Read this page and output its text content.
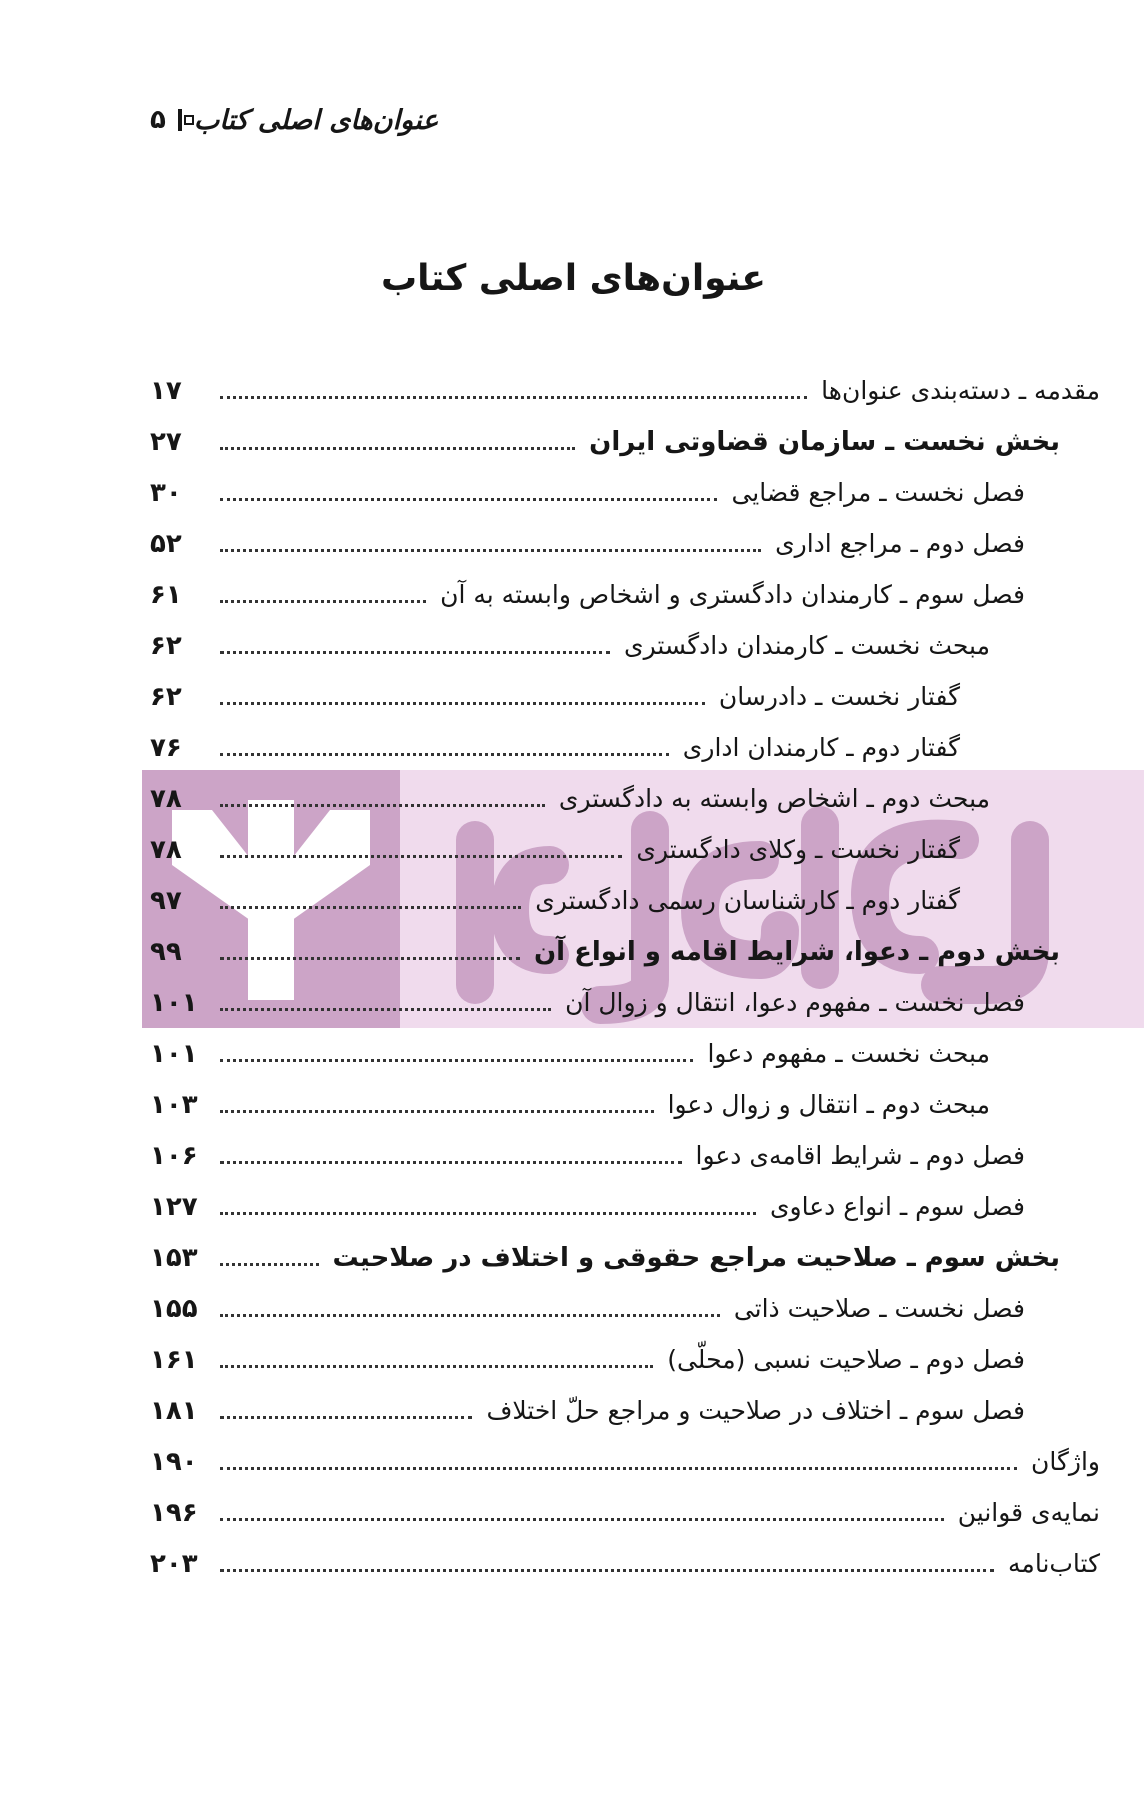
عنوان‌های اصلی کتاب
۵
عنوان‌های اصلی کتاب
مقدمه ـ دسته‌بندی عنوان‌ها
۱۷
بخش نخست ـ سازمان قضاوتی ایران
۲۷
فصل نخست ـ مراجع قضایی
۳۰
فصل دوم ـ مراجع اداری
۵۲
فصل سوم ـ کارمندان دادگستری و اشخاص وابسته به آن
۶۱
مبحث نخست ـ کارمندان دادگستری
۶۲
گفتار نخست ـ دادرسان
۶۲
گفتار دوم ـ کارمندان اداری
۷۶
مبحث دوم ـ اشخاص وابسته به دادگستری
۷۸
گفتار نخست ـ وکلای دادگستری
۷۸
گفتار دوم ـ کارشناسان رسمی دادگستری
۹۷
بخش دوم ـ دعوا، شرایط اقامه و انواع آن
۹۹
فصل نخست ـ مفهوم دعوا، انتقال و زوال آن
۱۰۱
مبحث نخست ـ مفهوم دعوا
۱۰۱
مبحث دوم ـ انتقال و زوال دعوا
۱۰۳
فصل دوم ـ شرایط اقامه‌ی دعوا
۱۰۶
فصل سوم ـ انواع دعاوی
۱۲۷
بخش سوم ـ صلاحیت مراجع حقوقی و اختلاف در صلاحیت
۱۵۳
فصل نخست ـ صلاحیت ذاتی
۱۵۵
فصل دوم ـ صلاحیت نسبی (محلّی)
۱۶۱
فصل سوم ـ اختلاف در صلاحیت و مراجع حلّ اختلاف
۱۸۱
واژگان
۱۹۰
نمایه‌ی قوانین
۱۹۶
کتاب‌نامه
۲۰۳
